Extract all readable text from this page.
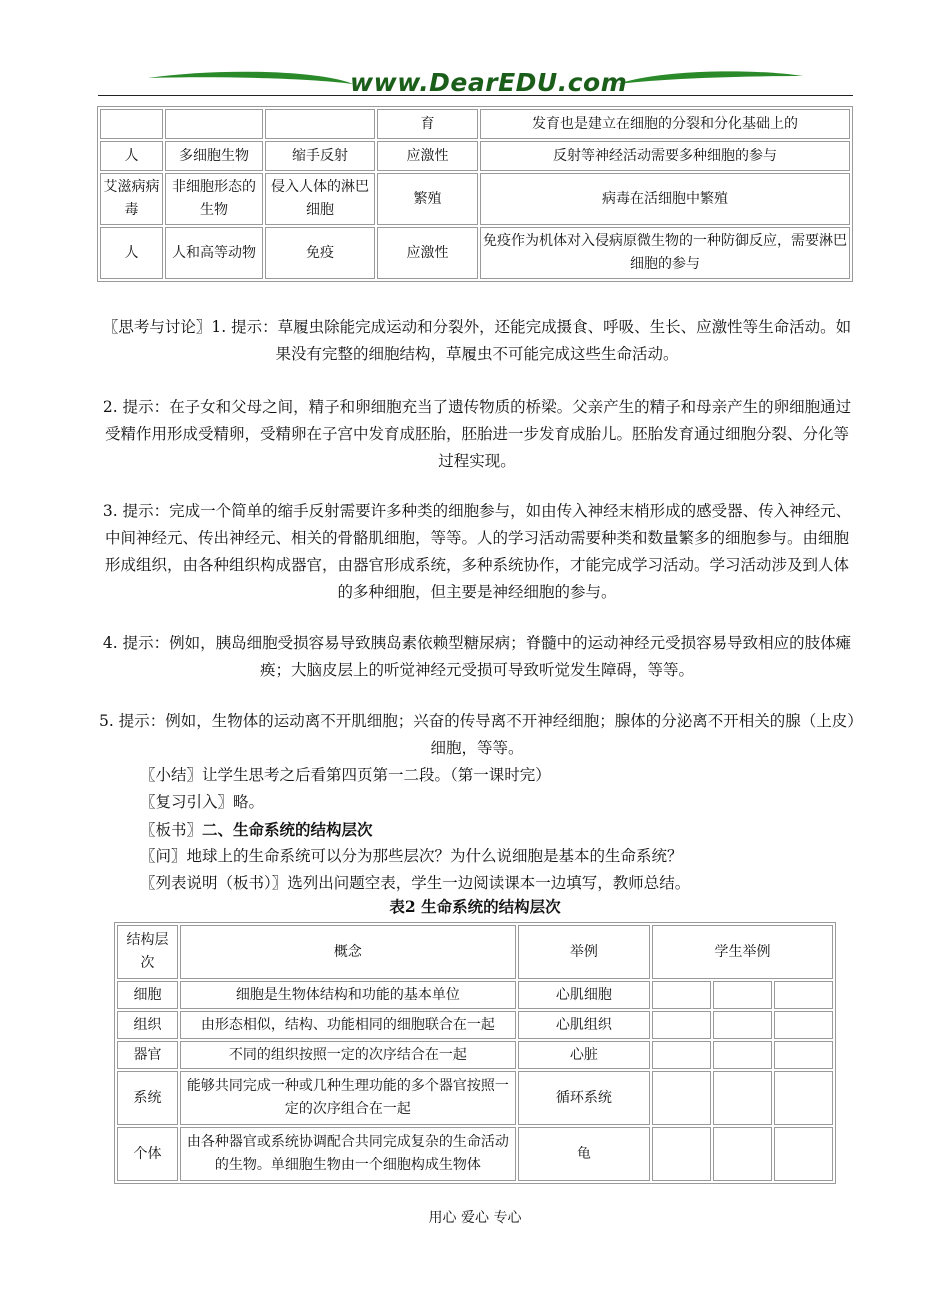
www.DearEDU.com
			育	发育也是建立在细胞的分裂和分化基础上的
人	多细胞生物	缩手反射	应激性	反射等神经活动需要多种细胞的参与
艾滋病病毒	非细胞形态的生物	侵入人体的淋巴细胞	繁殖	病毒在活细胞中繁殖
人	人和高等动物	免疫	应激性	免疫作为机体对入侵病原微生物的一种防御反应，需要淋巴细胞的参与
〖思考与讨论〗1. 提示：草履虫除能完成运动和分裂外，还能完成摄食、呼吸、生长、应激性等生命活动。如果没有完整的细胞结构，草履虫不可能完成这些生命活动。
2. 提示：在子女和父母之间，精子和卵细胞充当了遗传物质的桥梁。父亲产生的精子和母亲产生的卵细胞通过受精作用形成受精卵，受精卵在子宫中发育成胚胎，胚胎进一步发育成胎儿。胚胎发育通过细胞分裂、分化等过程实现。
3. 提示：完成一个简单的缩手反射需要许多种类的细胞参与，如由传入神经末梢形成的感受器、传入神经元、中间神经元、传出神经元、相关的骨骼肌细胞，等等。人的学习活动需要种类和数量繁多的细胞参与。由细胞形成组织，由各种组织构成器官，由器官形成系统，多种系统协作，才能完成学习活动。学习活动涉及到人体的多种细胞，但主要是神经细胞的参与。
4. 提示：例如，胰岛细胞受损容易导致胰岛素依赖型糖尿病；脊髓中的运动神经元受损容易导致相应的肢体瘫痪；大脑皮层上的听觉神经元受损可导致听觉发生障碍，等等。
5. 提示：例如，生物体的运动离不开肌细胞；兴奋的传导离不开神经细胞；腺体的分泌离不开相关的腺（上皮）细胞，等等。
〖小结〗让学生思考之后看第四页第一二段。（第一课时完）
〖复习引入〗略。
〖板书〗二、生命系统的结构层次
〖问〗地球上的生命系统可以分为那些层次？为什么说细胞是基本的生命系统？
〖列表说明（板书）〗选列出问题空表，学生一边阅读课本一边填写，教师总结。
表2 生命系统的结构层次
结构层次	概念	举例	学生举例		
细胞	细胞是生物体结构和功能的基本单位	心肌细胞			
组织	由形态相似，结构、功能相同的细胞联合在一起	心肌组织			
器官	不同的组织按照一定的次序结合在一起	心脏			
系统	能够共同完成一种或几种生理功能的多个器官按照一定的次序组合在一起	循环系统			
个体	由各种器官或系统协调配合共同完成复杂的生命活动的生物。单细胞生物由一个细胞构成生物体	龟			
用心 爱心 专心
